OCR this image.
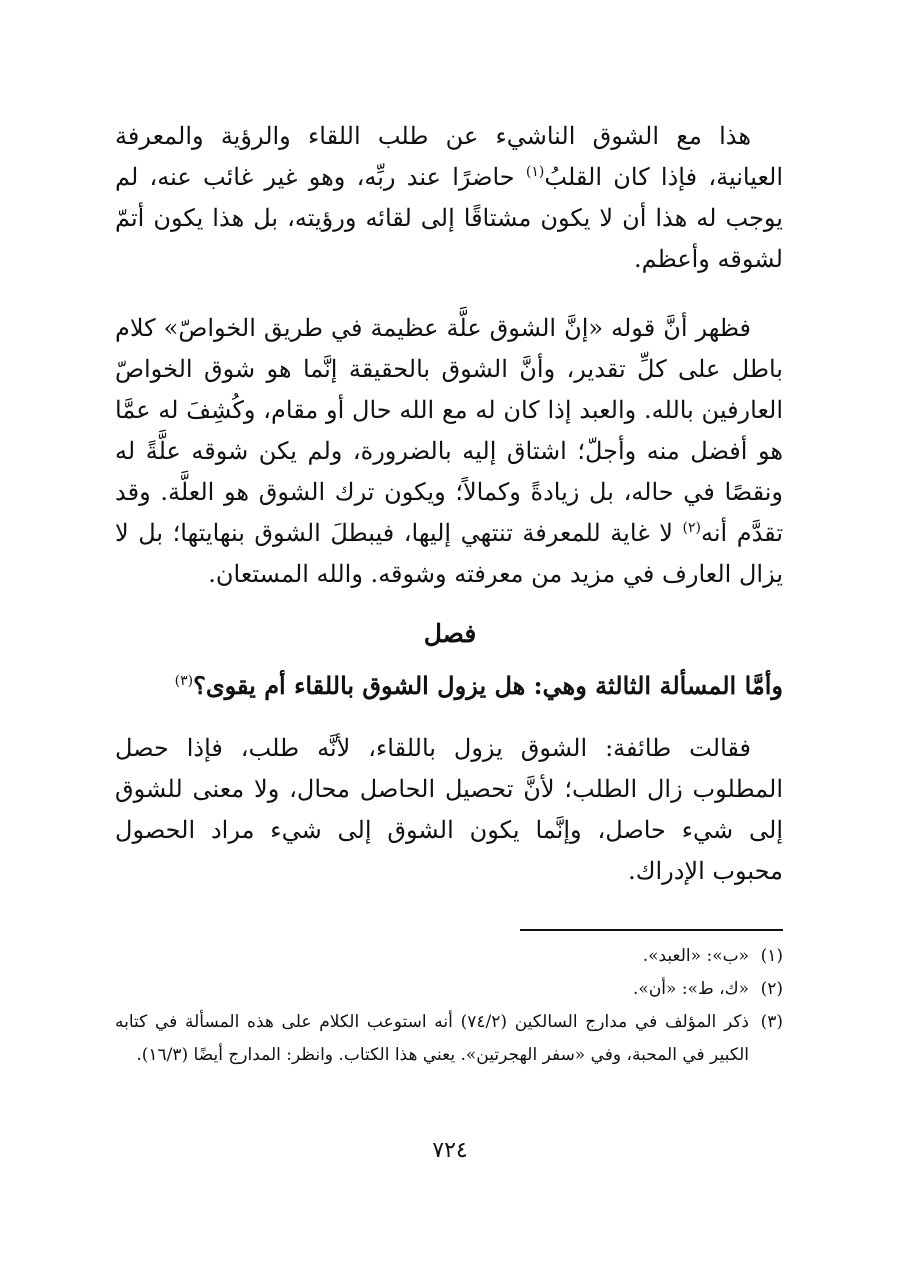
هذا مع الشوق الناشيء عن طلب اللقاء والرؤية والمعرفة العيانية، فإذا كان القلبُ$^{(١)}$ حاضرًا عند ربِّه، وهو غير غائب عنه، لم يوجب له هذا أن لا يكون مشتاقًا إلى لقائه ورؤيته، بل هذا يكون أتمّ لشوقه وأعظم.

فظهر أنَّ قوله «إنَّ الشوق علَّة عظيمة في طريق الخواصّ» كلام باطل على كلِّ تقدير، وأنَّ الشوق بالحقيقة إنَّما هو شوق الخواصّ العارفين بالله. والعبد إذا كان له مع الله حال أو مقام، وكُشِفَ له عمَّا هو أفضل منه وأجلّ؛ اشتاق إليه بالضرورة، ولم يكن شوقه علَّةً له ونقصًا في حاله، بل زيادةً وكمالاً؛ ويكون ترك الشوق هو العلَّة. وقد تقدَّم أنه$^{(٢)}$ لا غاية للمعرفة تنتهي إليها، فيبطلَ الشوق بنهايتها؛ بل لا يزال العارف في مزيد من معرفته وشوقه. والله المستعان.

فصل
وأمَّا المسألة الثالثة وهي: هل يزول الشوق باللقاء أم يقوى؟$^{(٣)}$

فقالت طائفة: الشوق يزول باللقاء، لأنَّه طلب، فإذا حصل المطلوب زال الطلب؛ لأنَّ تحصيل الحاصل محال، ولا معنى للشوق إلى شيء حاصل، وإنَّما يكون الشوق إلى شيء مراد الحصول محبوب الإدراك.

(١)
«ب»: «العبد».
(٢)
«ك، ط»: «أن».
(٣)
ذكر المؤلف في مدارج السالكين (٧٤/٢) أنه استوعب الكلام على هذه المسألة في كتابه الكبير في المحبة، وفي «سفر الهجرتين». يعني هذا الكتاب. وانظر: المدارج أيضًا (١٦/٣).
٧٢٤
